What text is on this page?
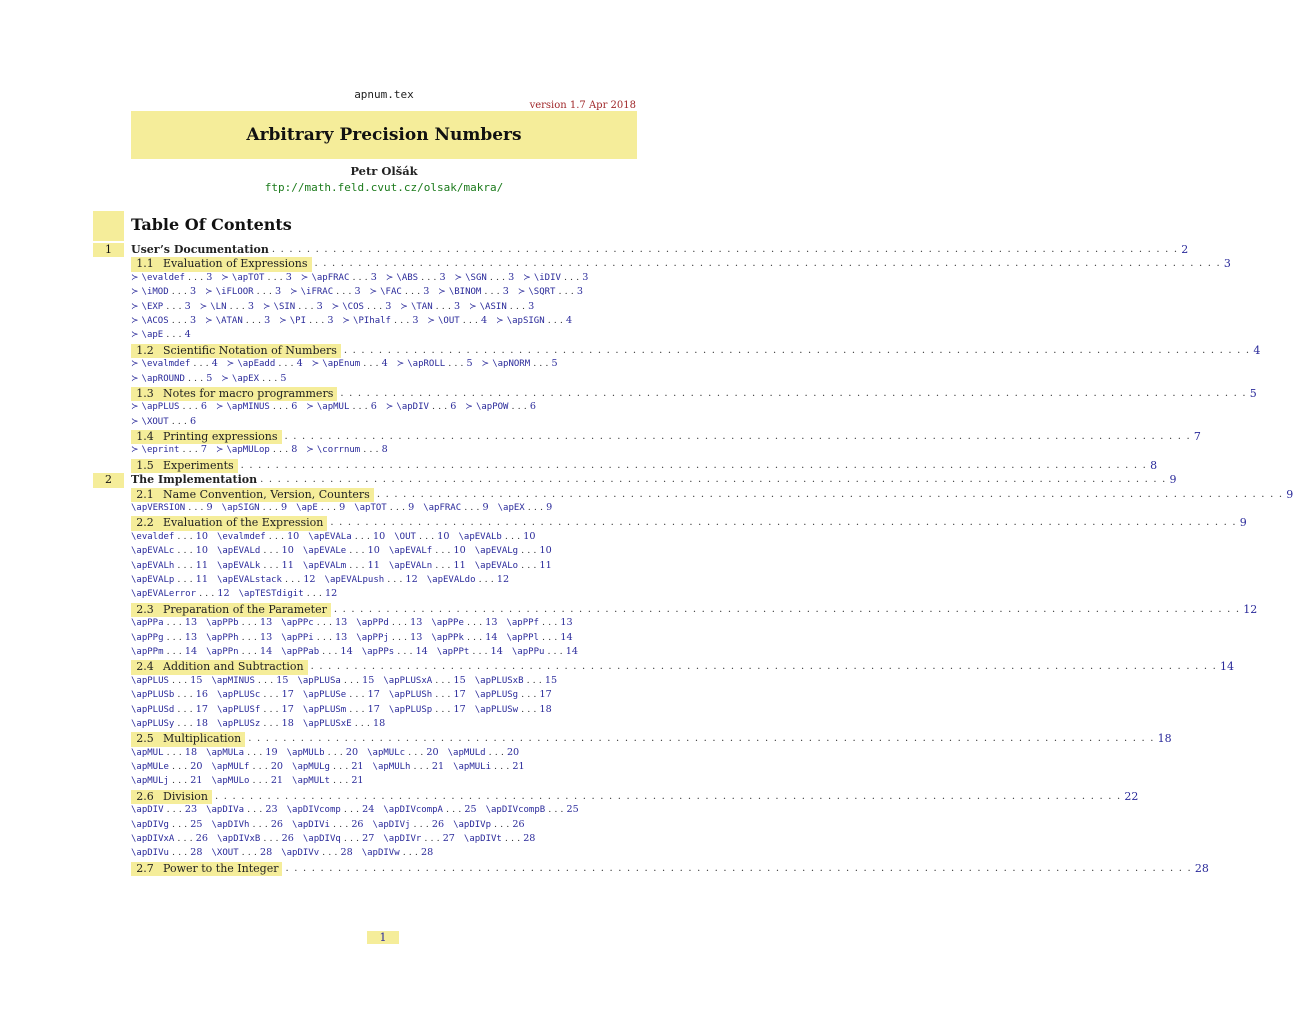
apnum.tex
version 1.7 Apr 2018
Arbitrary Precision Numbers
Petr Olšák
ftp://math.feld.cvut.cz/olsak/makra/
Table Of Contents
1	User’s Documentation . . . . . . . . . . . . . . . . . . . . . . . . . . . . . . . . . . . . . . . . . . . . . . . . . . . . . . . . . . . . . . . . . . . . . . . . . . . . . . . . . . . . . . . . . . . . . . . . . . . . . . . . 2
1.1 Evaluation of Expressions . . . . . . . . . . . . . . . . . . . . . . . . . . . . . . . . . . . . . . . . . . . . . . . . . . . . . . . . . . . . . . . . . . . . . . . . . . . . . . . . . . . . . . . . . . . . . . . . . . . . . . . . 3
≻ \evaldef . . . 3 ≻ \apTOT . . . 3 ≻ \apFRAC . . . 3 ≻ \ABS . . . 3 ≻ \SGN . . . 3 ≻ \iDIV . . . 3
≻ \iMOD . . . 3 ≻ \iFLOOR . . . 3 ≻ \iFRAC . . . 3 ≻ \FAC . . . 3 ≻ \BINOM . . . 3 ≻ \SQRT . . . 3
≻ \EXP . . . 3 ≻ \LN . . . 3 ≻ \SIN . . . 3 ≻ \COS . . . 3 ≻ \TAN . . . 3 ≻ \ASIN . . . 3
≻ \ACOS . . . 3 ≻ \ATAN . . . 3 ≻ \PI . . . 3 ≻ \PIhalf . . . 3 ≻ \OUT . . . 4 ≻ \apSIGN . . . 4
≻ \apE . . . 4
1.2 Scientific Notation of Numbers . . . . . . . . . . . . . . . . . . . . . . . . . . . . . . . . . . . . . . . . . . . . . . . . . . . . . . . . . . . . . . . . . . . . . . . . . . . . . . . . . . . . . . . . . . . . . . . . . . . . . . . . 4
≻ \evalmdef . . . 4 ≻ \apEadd . . . 4 ≻ \apEnum . . . 4 ≻ \apROLL . . . 5 ≻ \apNORM . . . 5
≻ \apROUND . . . 5 ≻ \apEX . . . 5
1.3 Notes for macro programmers . . . . . . . . . . . . . . . . . . . . . . . . . . . . . . . . . . . . . . . . . . . . . . . . . . . . . . . . . . . . . . . . . . . . . . . . . . . . . . . . . . . . . . . . . . . . . . . . . . . . . . . . 5
≻ \apPLUS . . . 6 ≻ \apMINUS . . . 6 ≻ \apMUL . . . 6 ≻ \apDIV . . . 6 ≻ \apPOW . . . 6
≻ \XOUT . . . 6
1.4 Printing expressions . . . . . . . . . . . . . . . . . . . . . . . . . . . . . . . . . . . . . . . . . . . . . . . . . . . . . . . . . . . . . . . . . . . . . . . . . . . . . . . . . . . . . . . . . . . . . . . . . . . . . . . . 7
≻ \eprint . . . 7 ≻ \apMULop . . . 8 ≻ \corrnum . . . 8
1.5 Experiments . . . . . . . . . . . . . . . . . . . . . . . . . . . . . . . . . . . . . . . . . . . . . . . . . . . . . . . . . . . . . . . . . . . . . . . . . . . . . . . . . . . . . . . . . . . . . . . . . . . . . . . . 8
2	The Implementation . . . . . . . . . . . . . . . . . . . . . . . . . . . . . . . . . . . . . . . . . . . . . . . . . . . . . . . . . . . . . . . . . . . . . . . . . . . . . . . . . . . . . . . . . . . . . . . . . . . . . . . . 9
2.1 Name Convention, Version, Counters . . . . . . . . . . . . . . . . . . . . . . . . . . . . . . . . . . . . . . . . . . . . . . . . . . . . . . . . . . . . . . . . . . . . . . . . . . . . . . . . . . . . . . . . . . . . . . . . . . . . . . . . 9
\apVERSION . . . 9 \apSIGN . . . 9 \apE . . . 9 \apTOT . . . 9 \apFRAC . . . 9 \apEX . . . 9
2.2 Evaluation of the Expression . . . . . . . . . . . . . . . . . . . . . . . . . . . . . . . . . . . . . . . . . . . . . . . . . . . . . . . . . . . . . . . . . . . . . . . . . . . . . . . . . . . . . . . . . . . . . . . . . . . . . . . . 9
\evaldef . . . 10 \evalmdef . . . 10 \apEVALa . . . 10 \OUT . . . 10 \apEVALb . . . 10
\apEVALc . . . 10 \apEVALd . . . 10 \apEVALe . . . 10 \apEVALf . . . 10 \apEVALg . . . 10
\apEVALh . . . 11 \apEVALk . . . 11 \apEVALm . . . 11 \apEVALn . . . 11 \apEVALo . . . 11
\apEVALp . . . 11 \apEVALstack . . . 12 \apEVALpush . . . 12 \apEVALdo . . . 12
\apEVALerror . . . 12 \apTESTdigit . . . 12
2.3 Preparation of the Parameter . . . . . . . . . . . . . . . . . . . . . . . . . . . . . . . . . . . . . . . . . . . . . . . . . . . . . . . . . . . . . . . . . . . . . . . . . . . . . . . . . . . . . . . . . . . . . . . . . . . . . . . . 12
\apPPa . . . 13 \apPPb . . . 13 \apPPc . . . 13 \apPPd . . . 13 \apPPe . . . 13 \apPPf . . . 13
\apPPg . . . 13 \apPPh . . . 13 \apPPi . . . 13 \apPPj . . . 13 \apPPk . . . 14 \apPPl . . . 14
\apPPm . . . 14 \apPPn . . . 14 \apPPab . . . 14 \apPPs . . . 14 \apPPt . . . 14 \apPPu . . . 14
2.4 Addition and Subtraction . . . . . . . . . . . . . . . . . . . . . . . . . . . . . . . . . . . . . . . . . . . . . . . . . . . . . . . . . . . . . . . . . . . . . . . . . . . . . . . . . . . . . . . . . . . . . . . . . . . . . . . . 14
\apPLUS . . . 15 \apMINUS . . . 15 \apPLUSa . . . 15 \apPLUSxA . . . 15 \apPLUSxB . . . 15
\apPLUSb . . . 16 \apPLUSc . . . 17 \apPLUSe . . . 17 \apPLUSh . . . 17 \apPLUSg . . . 17
\apPLUSd . . . 17 \apPLUSf . . . 17 \apPLUSm . . . 17 \apPLUSp . . . 17 \apPLUSw . . . 18
\apPLUSy . . . 18 \apPLUSz . . . 18 \apPLUSxE . . . 18
2.5 Multiplication . . . . . . . . . . . . . . . . . . . . . . . . . . . . . . . . . . . . . . . . . . . . . . . . . . . . . . . . . . . . . . . . . . . . . . . . . . . . . . . . . . . . . . . . . . . . . . . . . . . . . . . . 18
\apMUL . . . 18 \apMULa . . . 19 \apMULb . . . 20 \apMULc . . . 20 \apMULd . . . 20
\apMULe . . . 20 \apMULf . . . 20 \apMULg . . . 21 \apMULh . . . 21 \apMULi . . . 21
\apMULj . . . 21 \apMULo . . . 21 \apMULt . . . 21
2.6 Division . . . . . . . . . . . . . . . . . . . . . . . . . . . . . . . . . . . . . . . . . . . . . . . . . . . . . . . . . . . . . . . . . . . . . . . . . . . . . . . . . . . . . . . . . . . . . . . . . . . . . . . . 22
\apDIV . . . 23 \apDIVa . . . 23 \apDIVcomp . . . 24 \apDIVcompA . . . 25 \apDIVcompB . . . 25
\apDIVg . . . 25 \apDIVh . . . 26 \apDIVi . . . 26 \apDIVj . . . 26 \apDIVp . . . 26
\apDIVxA . . . 26 \apDIVxB . . . 26 \apDIVq . . . 27 \apDIVr . . . 27 \apDIVt . . . 28
\apDIVu . . . 28 \XOUT . . . 28 \apDIVv . . . 28 \apDIVw . . . 28
2.7 Power to the Integer . . . . . . . . . . . . . . . . . . . . . . . . . . . . . . . . . . . . . . . . . . . . . . . . . . . . . . . . . . . . . . . . . . . . . . . . . . . . . . . . . . . . . . . . . . . . . . . . . . . . . . . . 28
1
